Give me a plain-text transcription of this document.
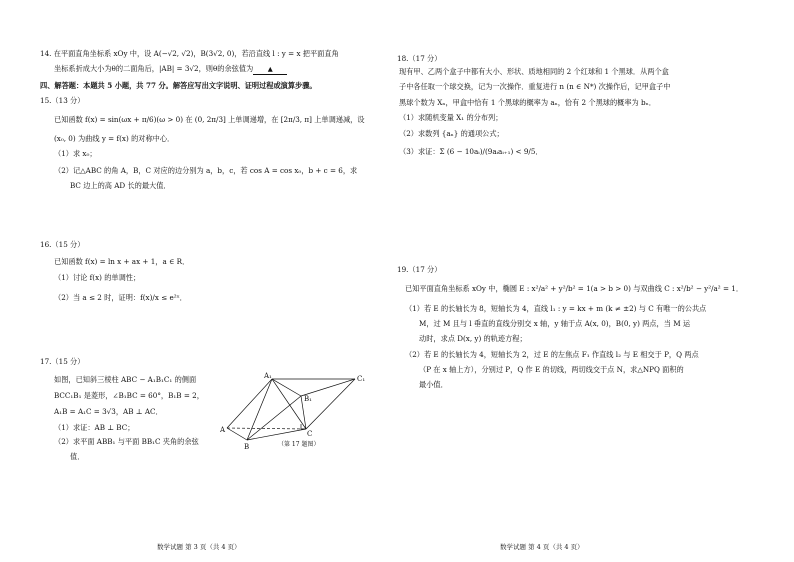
14. 在平面直角坐标系 xOy 中，设 A(−√2, √2)，B(3√2, 0)，若沿直线 l : y = x 把平面直角
坐标系折成大小为θ的二面角后，|AB| = 3√2，则θ的余弦值为 ▲
四、解答题：本题共 5 小题，共 77 分。解答应写出文字说明、证明过程或演算步骤。
15.（13 分）
已知函数 f(x) = sin(ωx + π/6)(ω > 0) 在 (0, 2π/3] 上单调递增，在 [2π/3, π] 上单调递减，设
(x₀, 0) 为曲线 y = f(x) 的对称中心．
（1）求 x₀；
（2）记△ABC 的角 A，B，C 对应的边分别为 a，b，c，若 cos A = cos x₀，b + c = 6，求
BC 边上的高 AD 长的最大值．
16.（15 分）
已知函数 f(x) = ln x + ax + 1，a ∈ R．
（1）讨论 f(x) 的单调性；
（2）当 a ≤ 2 时，证明：f(x)/x ≤ e²ˣ．
17.（15 分）
如图，已知斜三棱柱 ABC − A₁B₁C₁ 的侧面
BCC₁B₁ 是菱形，∠B₁BC = 60°，B₁B = 2，
A₁B = A₁C = 3√3，AB ⊥ AC．
（1）求证：AB ⊥ BC；
（2）求平面 ABB₁ 与平面 BB₁C 夹角的余弦
值．
A₁	C₁
B₁
A
B
C
（第 17 题图）
数学试题 第 3 页（共 4 页）
18.（17 分）
现有甲、乙两个盒子中都有大小、形状、质地相同的 2 个红球和 1 个黑球．从两个盒
子中各任取一个球交换，记为一次操作．重复进行 n (n ∈ N*) 次操作后，记甲盒子中
黑球个数为 Xₙ，甲盒中恰有 1 个黑球的概率为 aₙ，恰有 2 个黑球的概率为 bₙ．
（1）求随机变量 X₁ 的分布列；
（2）求数列 {aₙ} 的通项公式；
（3）求证：Σ (6 − 10aᵢ)/(9aᵢaᵢ₊₁) < 9/5．
19.（17 分）
已知平面直角坐标系 xOy 中，椭圆 E : x²/a² + y²/b² = 1(a > b > 0) 与双曲线 C : x²/b² − y²/a² = 1．
（1）若 E 的长轴长为 8，短轴长为 4，直线 l₁ : y = kx + m (k ≠ ±2) 与 C 有唯一的公共点
M，过 M 且与 l 垂直的直线分别交 x 轴，y 轴于点 A(x, 0)，B(0, y) 两点，当 M 运
动时，求点 D(x, y) 的轨迹方程；
（2）若 E 的长轴长为 4，短轴长为 2，过 E 的左焦点 F₁ 作直线 l₂ 与 E 相交于 P，Q 两点
（P 在 x 轴上方），分别过 P，Q 作 E 的切线，两切线交于点 N，求△NPQ 面积的
最小值．
数学试题 第 4 页（共 4 页）
